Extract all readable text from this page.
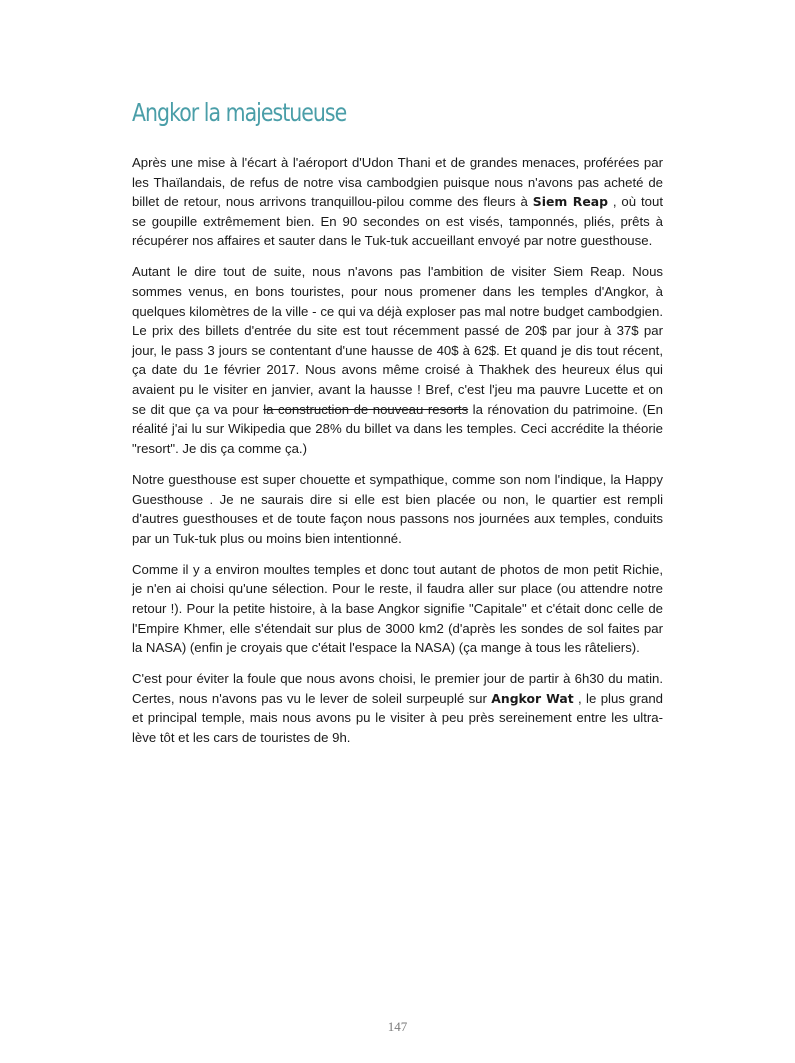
Angkor la majestueuse

Après une mise à l'écart à l'aéroport d'Udon Thani et de grandes menaces, proférées par les Thaïlandais, de refus de notre visa cambodgien puisque nous n'avons pas acheté de billet de retour, nous arrivons tranquillou-pilou comme des fleurs à Siem Reap , où tout se goupille extrêmement bien. En 90 secondes on est visés, tamponnés, pliés, prêts à récupérer nos affaires et sauter dans le Tuk-tuk accueillant envoyé par notre guesthouse.

Autant le dire tout de suite, nous n'avons pas l'ambition de visiter Siem Reap. Nous sommes venus, en bons touristes, pour nous promener dans les temples d'Angkor, à quelques kilomètres de la ville - ce qui va déjà exploser pas mal notre budget cambodgien. Le prix des billets d'entrée du site est tout récemment passé de 20$ par jour à 37$ par jour, le pass 3 jours se contentant d'une hausse de 40$ à 62$. Et quand je dis tout récent, ça date du 1e février 2017. Nous avons même croisé à Thakhek des heureux élus qui avaient pu le visiter en janvier, avant la hausse ! Bref, c'est l'jeu ma pauvre Lucette et on se dit que ça va pour la construction de nouveau resorts la rénovation du patrimoine. (En réalité j'ai lu sur Wikipedia que 28% du billet va dans les temples. Ceci accrédite la théorie "resort". Je dis ça comme ça.)

Notre guesthouse est super chouette et sympathique, comme son nom l'indique, la Happy Guesthouse . Je ne saurais dire si elle est bien placée ou non, le quartier est rempli d'autres guesthouses et de toute façon nous passons nos journées aux temples, conduits par un Tuk-tuk plus ou moins bien intentionné.

Comme il y a environ moultes temples et donc tout autant de photos de mon petit Richie, je n'en ai choisi qu'une sélection. Pour le reste, il faudra aller sur place (ou attendre notre retour !). Pour la petite histoire, à la base Angkor signifie "Capitale" et c'était donc celle de l'Empire Khmer, elle s'étendait sur plus de 3000 km2 (d'après les sondes de sol faites par la NASA) (enfin je croyais que c'était l'espace la NASA) (ça mange à tous les râteliers).

C'est pour éviter la foule que nous avons choisi, le premier jour de partir à 6h30 du matin. Certes, nous n'avons pas vu le lever de soleil surpeuplé sur Angkor Wat , le plus grand et principal temple, mais nous avons pu le visiter à peu près sereinement entre les ultra-lève tôt et les cars de touristes de 9h.

147
